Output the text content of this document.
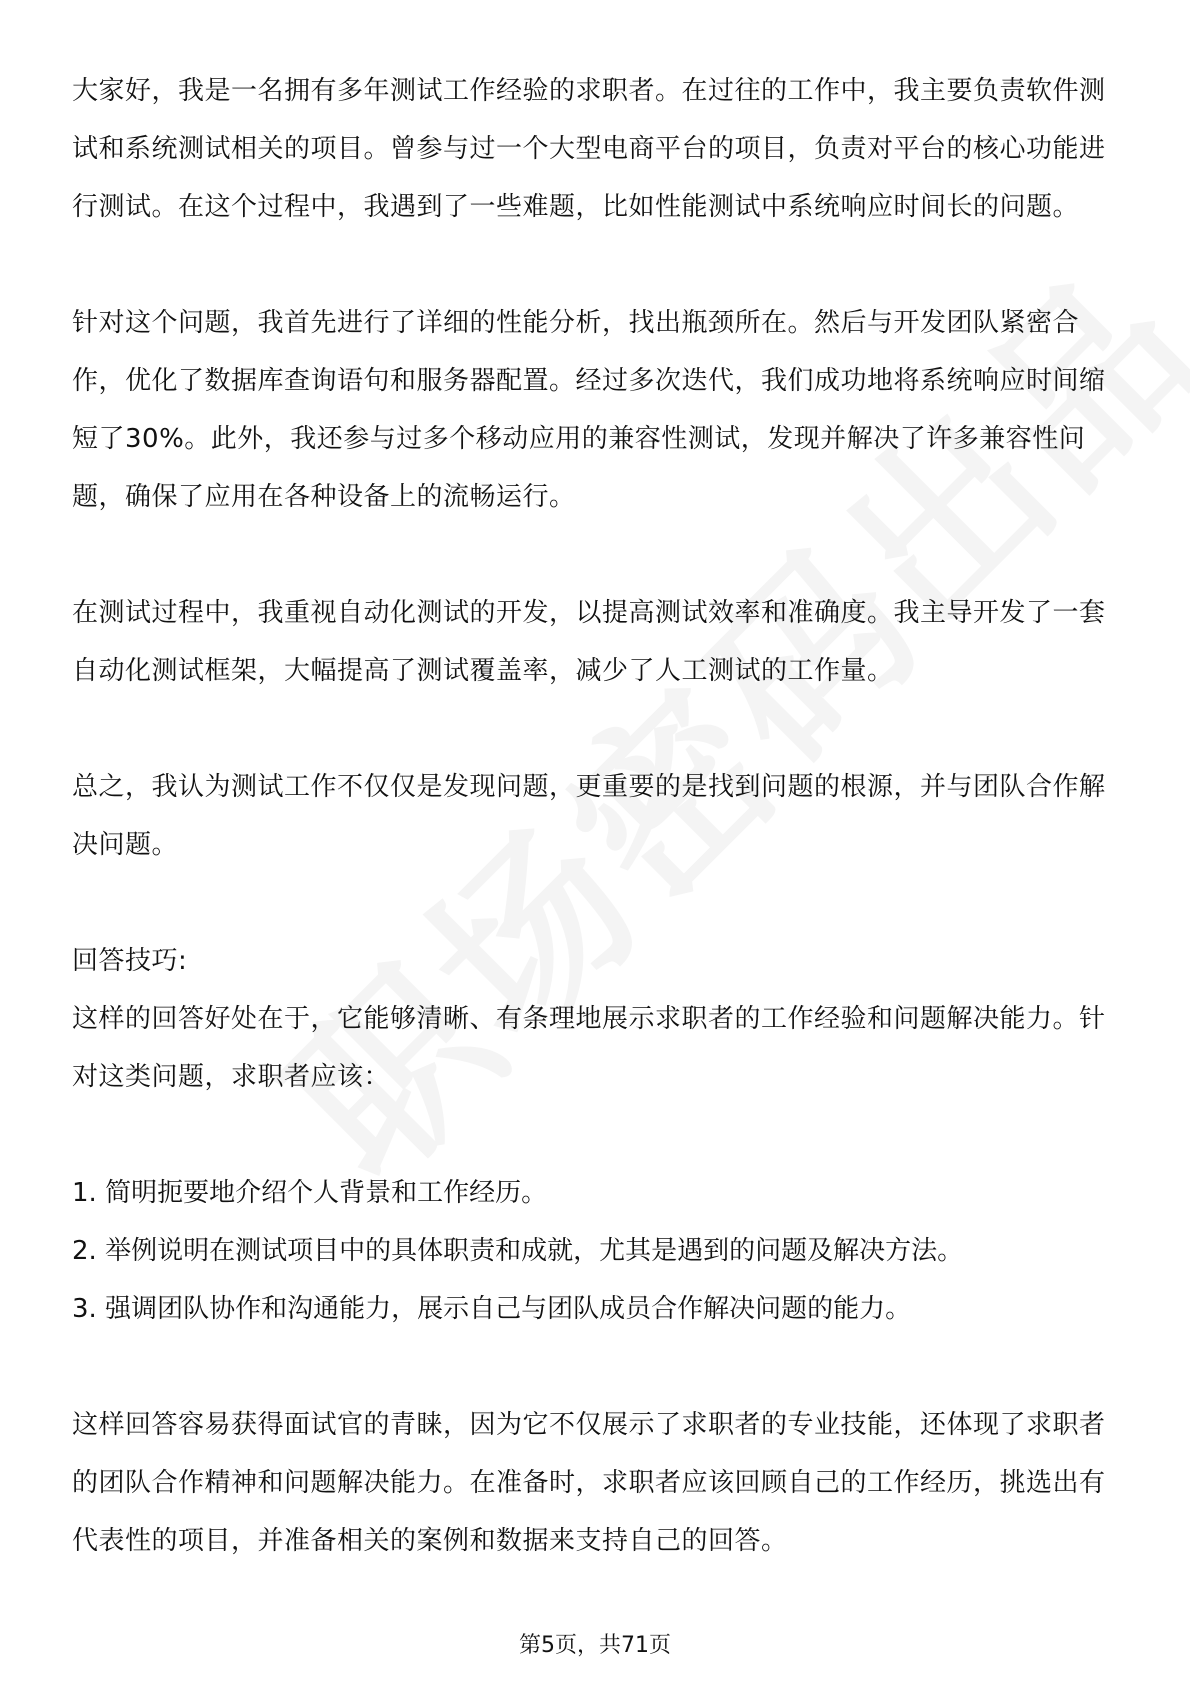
大家好，我是一名拥有多年测试工作经验的求职者。在过往的工作中，我主要负责软件测试和系统测试相关的项目。曾参与过一个大型电商平台的项目，负责对平台的核心功能进行测试。在这个过程中，我遇到了一些难题，比如性能测试中系统响应时间长的问题。

针对这个问题，我首先进行了详细的性能分析，找出瓶颈所在。然后与开发团队紧密合作，优化了数据库查询语句和服务器配置。经过多次迭代，我们成功地将系统响应时间缩短了30%。此外，我还参与过多个移动应用的兼容性测试，发现并解决了许多兼容性问题，确保了应用在各种设备上的流畅运行。

在测试过程中，我重视自动化测试的开发，以提高测试效率和准确度。我主导开发了一套自动化测试框架，大幅提高了测试覆盖率，减少了人工测试的工作量。

总之，我认为测试工作不仅仅是发现问题，更重要的是找到问题的根源，并与团队合作解决问题。

回答技巧:

这样的回答好处在于，它能够清晰、有条理地展示求职者的工作经验和问题解决能力。针对这类问题，求职者应该：

1. 简明扼要地介绍个人背景和工作经历。

2. 举例说明在测试项目中的具体职责和成就，尤其是遇到的问题及解决方法。

3. 强调团队协作和沟通能力，展示自己与团队成员合作解决问题的能力。

这样回答容易获得面试官的青睐，因为它不仅展示了求职者的专业技能，还体现了求职者的团队合作精神和问题解决能力。在准备时，求职者应该回顾自己的工作经历，挑选出有代表性的项目，并准备相关的案例和数据来支持自己的回答。

第5页，共71页
